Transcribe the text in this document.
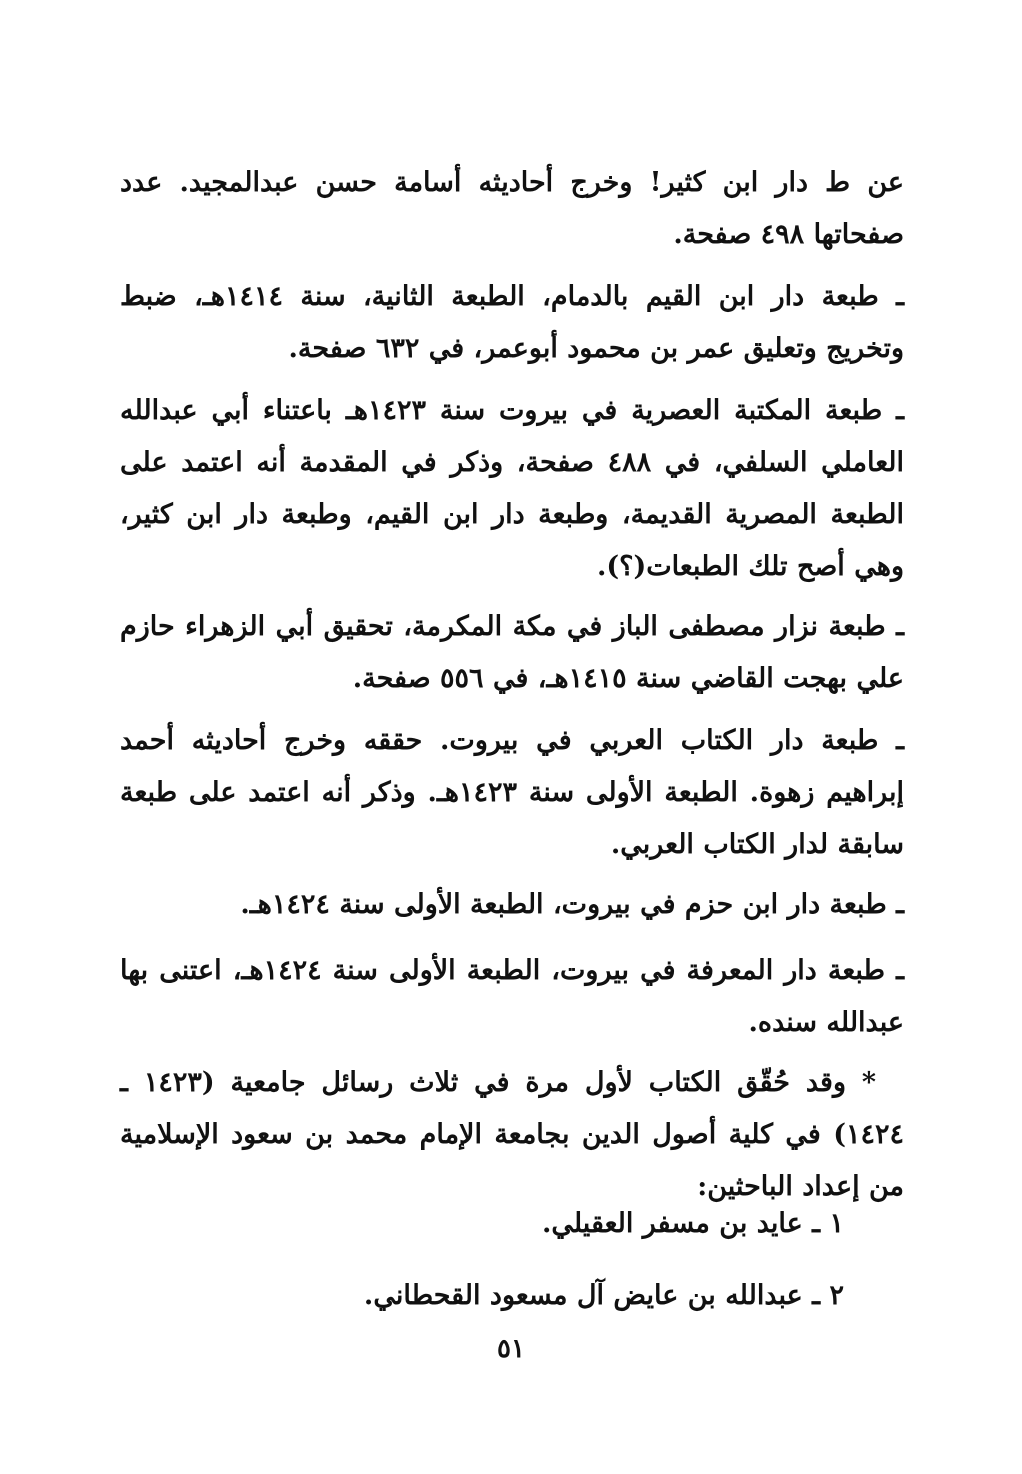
عن ط دار ابن كثير! وخرج أحاديثه أسامة حسن عبدالمجيد. عدد صفحاتها ٤٩٨ صفحة.

ـ طبعة دار ابن القيم بالدمام، الطبعة الثانية، سنة ١٤١٤هـ، ضبط وتخريج وتعليق عمر بن محمود أبوعمر، في ٦٣٢ صفحة.

ـ طبعة المكتبة العصرية في بيروت سنة ١٤٢٣هـ باعتناء أبي عبدالله العاملي السلفي، في ٤٨٨ صفحة، وذكر في المقدمة أنه اعتمد على الطبعة المصرية القديمة، وطبعة دار ابن القيم، وطبعة دار ابن كثير، وهي أصح تلك الطبعات(؟).

ـ طبعة نزار مصطفى الباز في مكة المكرمة، تحقيق أبي الزهراء حازم علي بهجت القاضي سنة ١٤١٥هـ، في ٥٥٦ صفحة.

ـ طبعة دار الكتاب العربي في بيروت. حققه وخرج أحاديثه أحمد إبراهيم زهوة. الطبعة الأولى سنة ١٤٢٣هـ. وذكر أنه اعتمد على طبعة سابقة لدار الكتاب العربي.

ـ طبعة دار ابن حزم في بيروت، الطبعة الأولى سنة ١٤٢٤هـ.

ـ طبعة دار المعرفة في بيروت، الطبعة الأولى سنة ١٤٢٤هـ، اعتنى بها عبدالله سنده.

* وقد حُقّق الكتاب لأول مرة في ثلاث رسائل جامعية (١٤٢٣ ـ ١٤٢٤) في كلية أصول الدين بجامعة الإمام محمد بن سعود الإسلامية من إعداد الباحثين:

١ ـ عايد بن مسفر العقيلي.
٢ ـ عبدالله بن عايض آل مسعود القحطاني.
٥١
